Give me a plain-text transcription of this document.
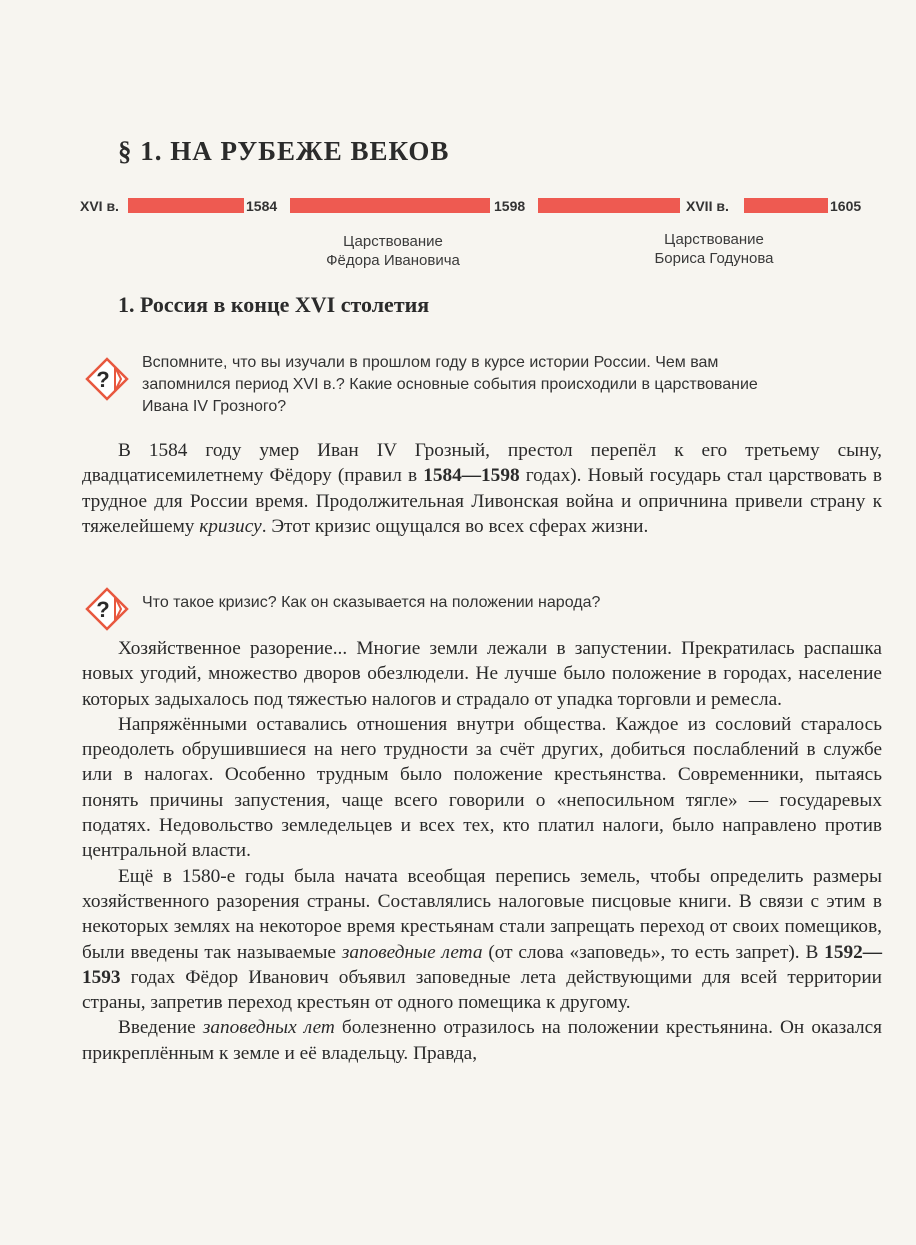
§ 1. НА РУБЕЖЕ ВЕКОВ
XVI в.	1584	1598	XVII в.	1605
Царствование
Фёдора Ивановича
Царствование
Бориса Годунова
1. Россия в конце XVI столетия
?
Вспомните, что вы изучали в прошлом году в курсе истории России. Чем вам
запомнился период XVI в.? Какие основные события происходили в царствование
Ивана IV Грозного?

В 1584 году умер Иван IV Грозный, престол перепёл к его третьему сыну, двадцатисемилетнему Фёдору (правил в 1584—1598 годах). Новый государь стал царствовать в трудное для России время. Продолжительная Ливонская война и опричнина привели страну к тяжелейшему кризису. Этот кризис ощущался во всех сферах жизни.

? Что такое кризис? Как он сказывается на положении народа?

Хозяйственное разорение... Многие земли лежали в запустении. Прекратилась распашка новых угодий, множество дворов обезлюдели. Не лучше было положение в городах, население которых задыхалось под тяжестью налогов и страдало от упадка торговли и ремесла.

Напряжёнными оставались отношения внутри общества. Каждое из сословий старалось преодолеть обрушившиеся на него трудности за счёт других, добиться послаблений в службе или в налогах. Особенно трудным было положение крестьянства. Современники, пытаясь понять причины запустения, чаще всего говорили о «непосильном тягле» — государевых податях. Недовольство земледельцев и всех тех, кто платил налоги, было направлено против центральной власти.

Ещё в 1580-е годы была начата всеобщая перепись земель, чтобы определить размеры хозяйственного разорения страны. Составлялись налоговые писцовые книги. В связи с этим в некоторых землях на некоторое время крестьянам стали запрещать переход от своих помещиков, были введены так называемые заповедные лета (от слова «заповедь», то есть запрет). В 1592—1593 годах Фёдор Иванович объявил заповедные лета действующими для всей территории страны, запретив переход крестьян от одного помещика к другому.

Введение заповедных лет болезненно отразилось на положении крестьянина. Он оказался прикреплённым к земле и её владельцу. Правда,
